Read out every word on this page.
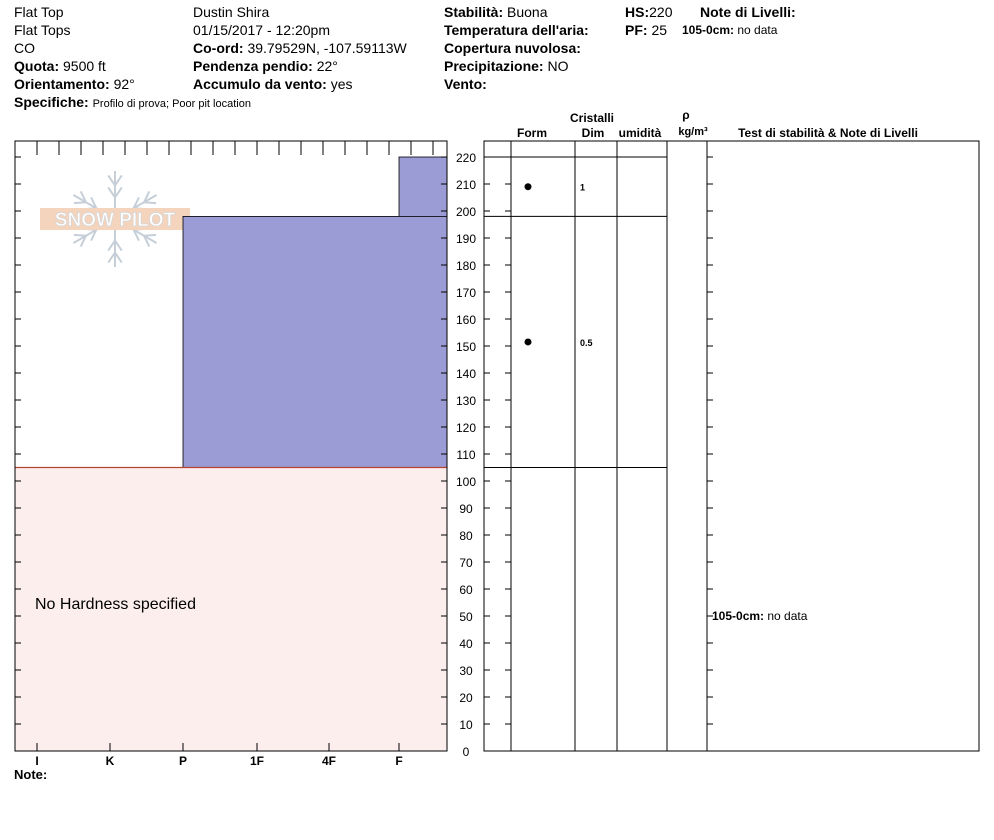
Flat Top
Flat Tops
CO
Quota: 9500 ft
Orientamento: 92°
Specifiche: Profilo di prova; Poor pit location
Dustin Shira
01/15/2017 - 12:20pm
Co-ord: 39.79529N, -107.59113W
Pendenza pendio: 22°
Accumulo da vento: yes
Stabilità: Buona
Temperatura dell'aria:
Copertura nuvolosa:
Precipitazione: NO
Vento:
HS:220
PF: 25
Note di Livelli:
105-0cm: no data
SNOW PILOT
0
10
20
30
40
50
60
70
80
90
100
110
120
130
140
150
160
170
180
190
200
210
220
I	K	P	1F	4F	F
1
0.5
105-0cm: no data
No Hardness specified
Cristalli
Form	Dim umidità
ρ
kg/m³	Test di stabilità & Note di Livelli
Note:
